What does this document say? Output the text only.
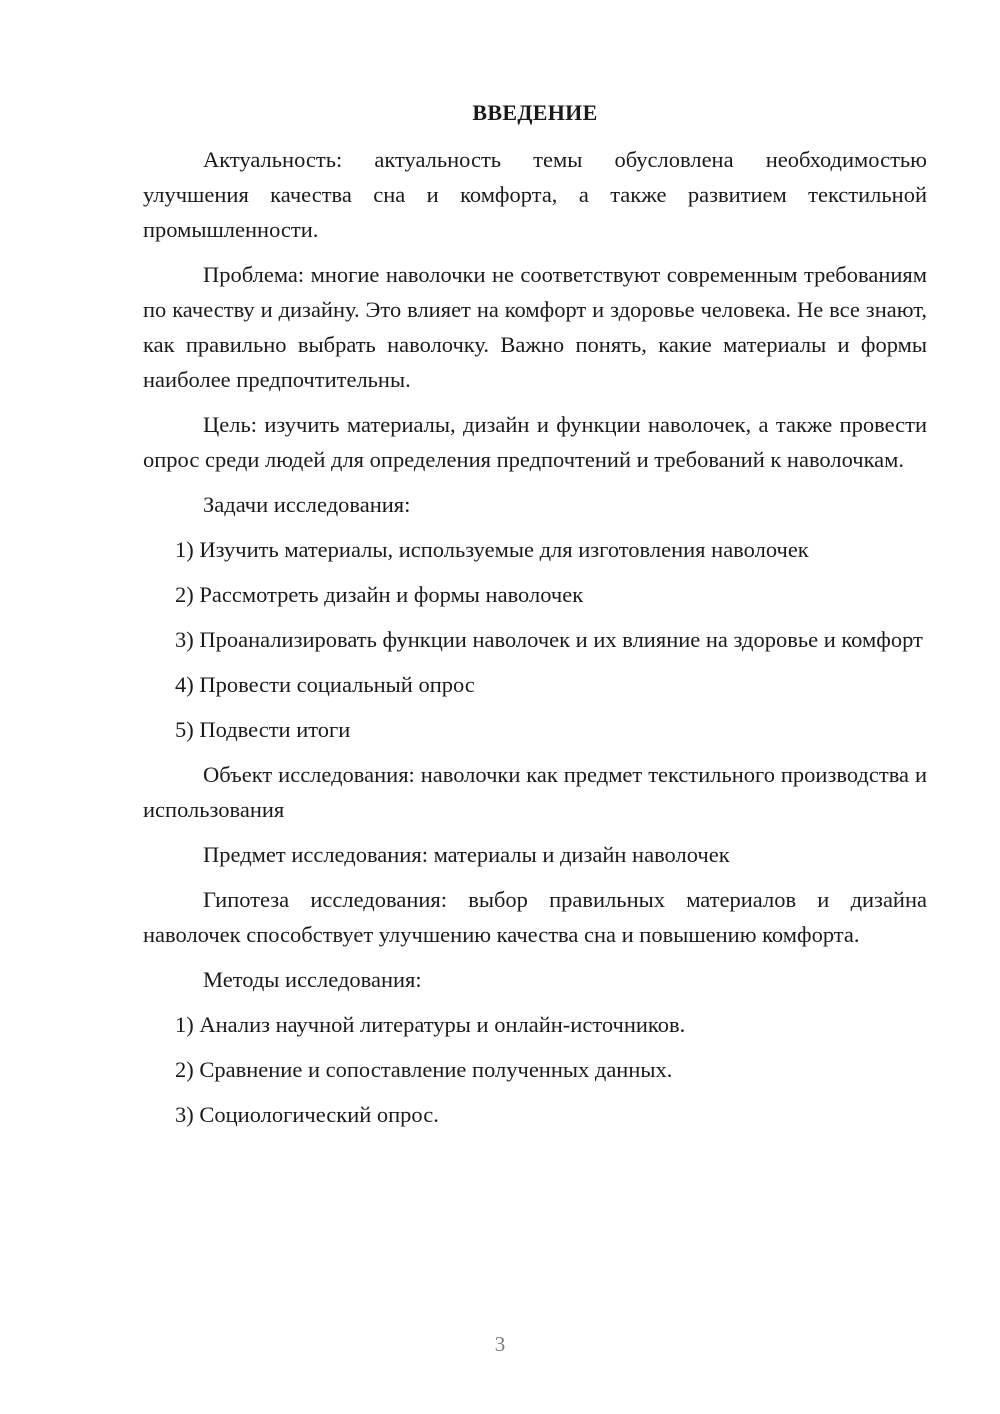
ВВЕДЕНИЕ

Актуальность: актуальность темы обусловлена необходимостью улучшения качества сна и комфорта, а также развитием текстильной промышленности.

Проблема: многие наволочки не соответствуют современным требованиям по качеству и дизайну. Это влияет на комфорт и здоровье человека. Не все знают, как правильно выбрать наволочку. Важно понять, какие материалы и формы наиболее предпочтительны.

Цель: изучить материалы, дизайн и функции наволочек, а также провести опрос среди людей для определения предпочтений и требований к наволочкам.

Задачи исследования:

1) Изучить материалы, используемые для изготовления наволочек

2) Рассмотреть дизайн и формы наволочек

3) Проанализировать функции наволочек и их влияние на здоровье и комфорт

4) Провести социальный опрос

5) Подвести итоги

Объект исследования: наволочки как предмет текстильного производства и использования

Предмет исследования: материалы и дизайн наволочек

Гипотеза исследования: выбор правильных материалов и дизайна наволочек способствует улучшению качества сна и повышению комфорта.

Методы исследования:

1) Анализ научной литературы и онлайн-источников.

2) Сравнение и сопоставление полученных данных.

3) Социологический опрос.

3
